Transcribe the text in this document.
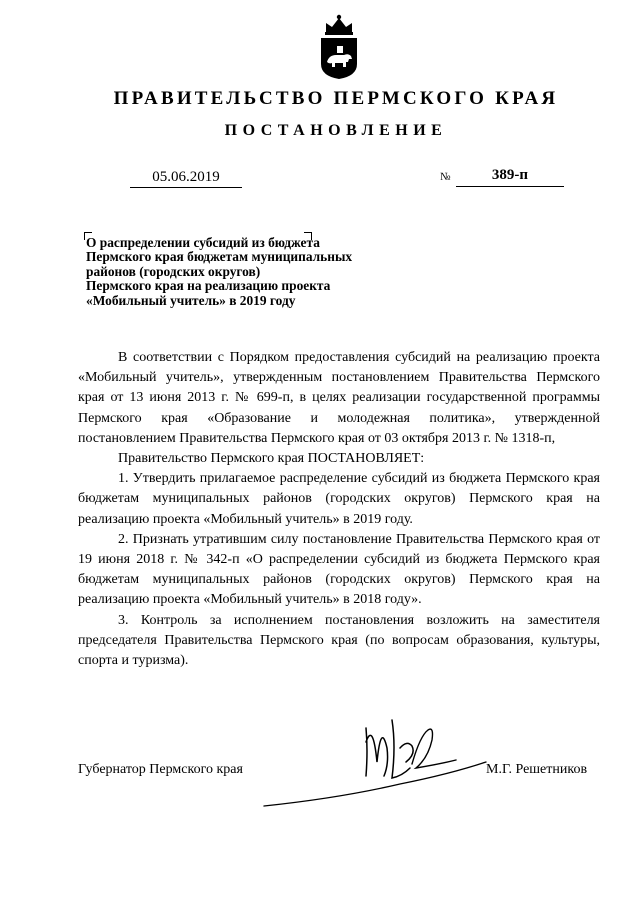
ПРАВИТЕЛЬСТВО ПЕРМСКОГО КРАЯ
ПОСТАНОВЛЕНИЕ
05.06.2019	№	389-п
О распределении субсидий из бюджета
Пермского края бюджетам муниципальных
районов (городских округов)
Пермского края на реализацию проекта
«Мобильный учитель» в 2019 году

В соответствии с Порядком предоставления субсидий на реализацию проекта «Мобильный учитель», утвержденным постановлением Правительства Пермского края от 13 июня 2013 г. № 699-п, в целях реализации государственной программы Пермского края «Образование и молодежная политика», утвержденной постановлением Правительства Пермского края от 03 октября 2013 г. № 1318-п,

Правительство Пермского края ПОСТАНОВЛЯЕТ:

1. Утвердить прилагаемое распределение субсидий из бюджета Пермского края бюджетам муниципальных районов (городских округов) Пермского края на реализацию проекта «Мобильный учитель» в 2019 году.

2. Признать утратившим силу постановление Правительства Пермского края от 19 июня 2018 г. № 342-п «О распределении субсидий из бюджета Пермского края бюджетам муниципальных районов (городских округов) Пермского края на реализацию проекта «Мобильный учитель» в 2018 году».

3. Контроль за исполнением постановления возложить на заместителя председателя Правительства Пермского края (по вопросам образования, культуры, спорта и туризма).

Губернатор Пермского края	М.Г. Решетников
